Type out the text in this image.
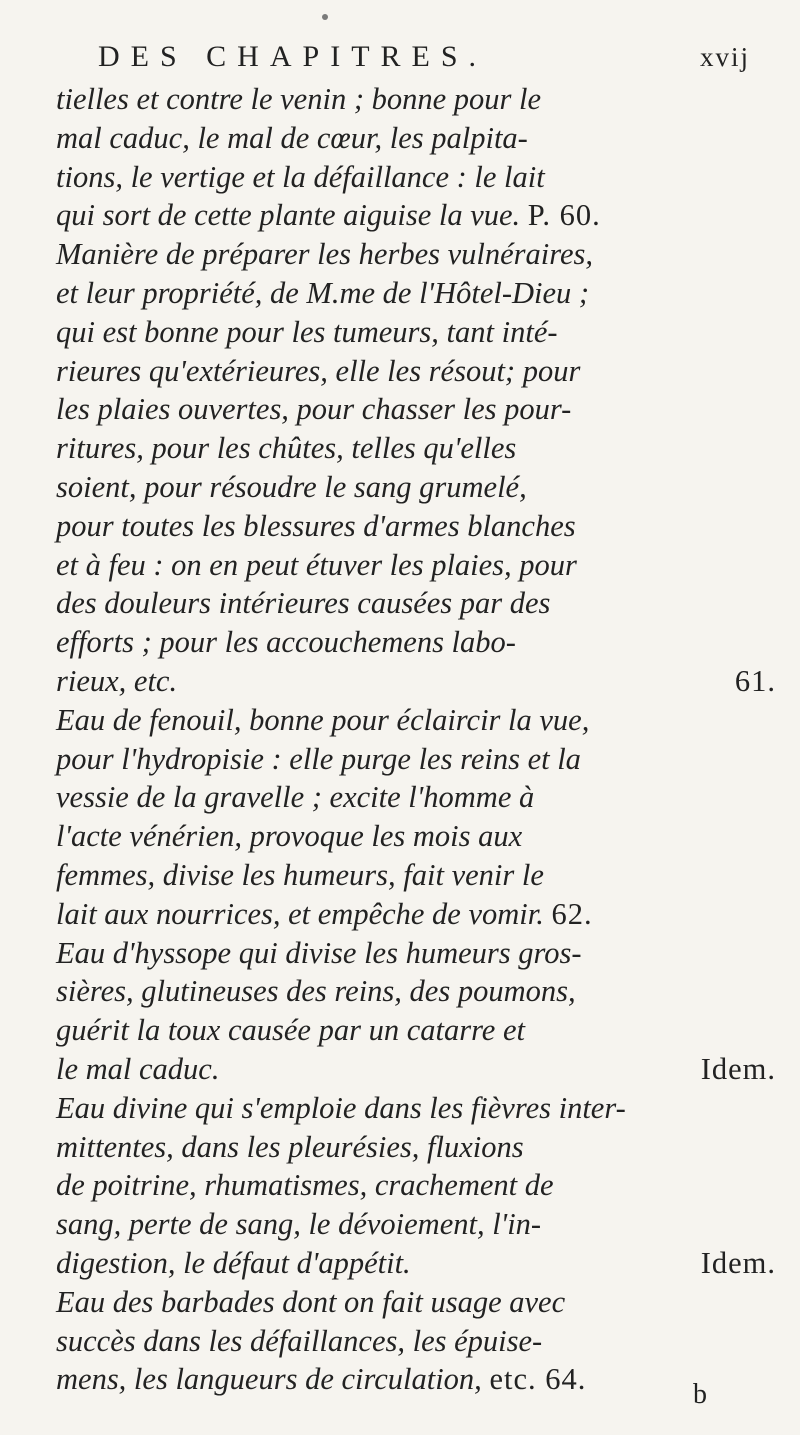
DES CHAPITRES.	xvij
tielles et contre le venin ; bonne pour le
mal caduc, le mal de cœur, les palpita-
tions, le vertige et la défaillance : le lait
qui sort de cette plante aiguise la vue. P. 60.
Manière de préparer les herbes vulnéraires,
et leur propriété, de M.me de l'Hôtel-Dieu ;
qui est bonne pour les tumeurs, tant inté-
rieures qu'extérieures, elle les résout; pour
les plaies ouvertes, pour chasser les pour-
ritures, pour les chûtes, telles qu'elles
soient, pour résoudre le sang grumelé,
pour toutes les blessures d'armes blanches
et à feu : on en peut étuver les plaies, pour
des douleurs intérieures causées par des
efforts ; pour les accouchemens labo-
rieux, etc.	61.
Eau de fenouil, bonne pour éclaircir la vue,
pour l'hydropisie : elle purge les reins et la
vessie de la gravelle ; excite l'homme à
l'acte vénérien, provoque les mois aux
femmes, divise les humeurs, fait venir le
lait aux nourrices, et empêche de vomir. 62.
Eau d'hyssope qui divise les humeurs gros-
sières, glutineuses des reins, des poumons,
guérit la toux causée par un catarre et
le mal caduc.	Idem.
Eau divine qui s'emploie dans les fièvres inter-
mittentes, dans les pleurésies, fluxions
de poitrine, rhumatismes, crachement de
sang, perte de sang, le dévoiement, l'in-
digestion, le défaut d'appétit.	Idem.
Eau des barbades dont on fait usage avec
succès dans les défaillances, les épuise-
mens, les langueurs de circulation, etc. 64.	b
